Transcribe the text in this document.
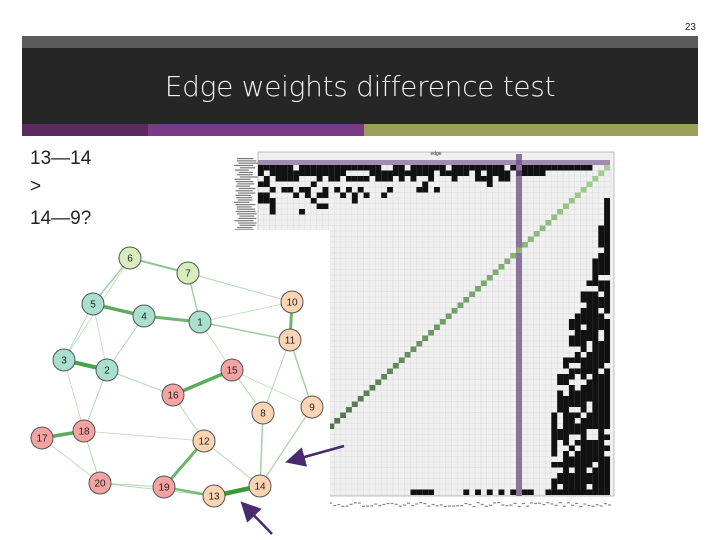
23
Edge weights difference test
13—14
>
14—9?
edge
1
2
3
4
5
6
7
8
9
10
11
12
13
14
15
16
17
18
19
20
